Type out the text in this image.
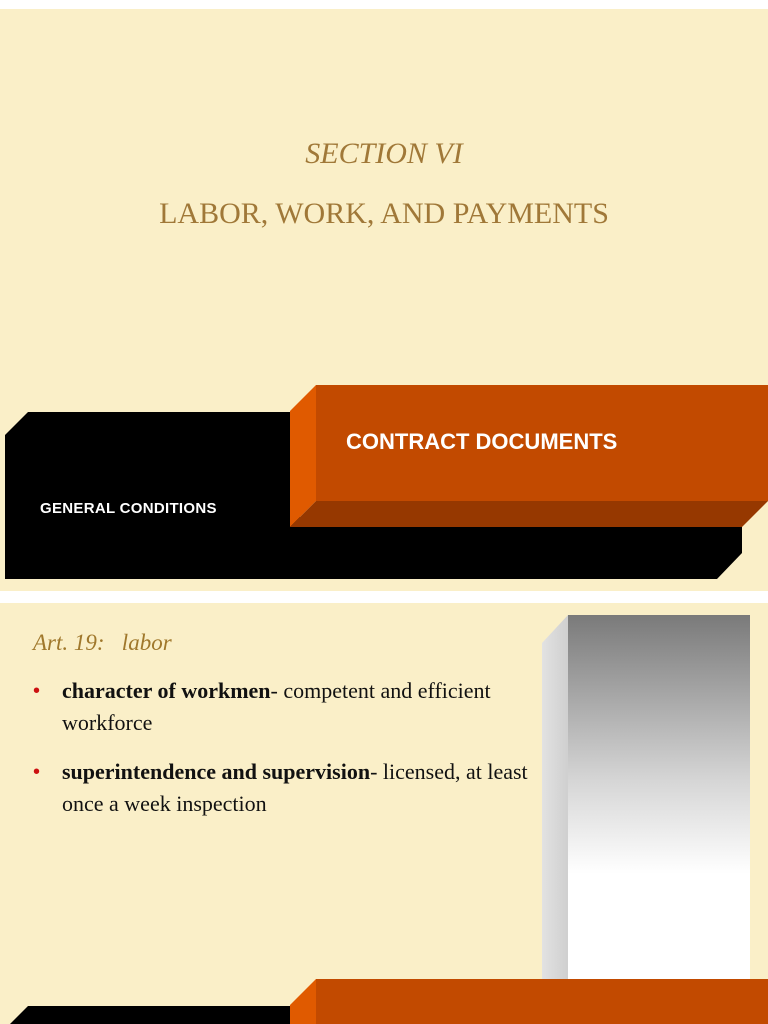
SECTION VI
LABOR, WORK, AND PAYMENTS
CONTRACT DOCUMENTS
GENERAL CONDITIONS
Art. 19:   labor
• character of workmen- competent and efficient workforce
• superintendence and supervision- licensed, at least once a week inspection
